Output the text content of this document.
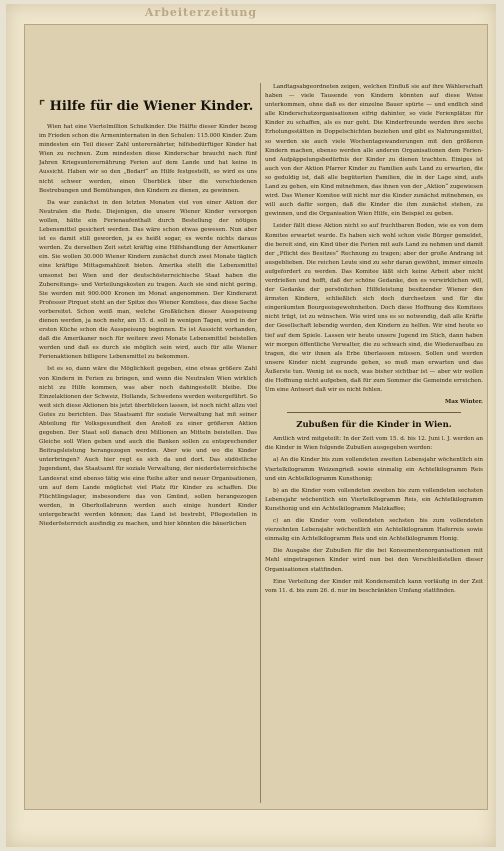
Arbeiterzeitung
⌜ Hilfe für die Wiener Kinder.

Wien hat eine Viertelmillion Schulkinder. Die Hälfte dieser Kinder bezog im Frieden schon die Armeninternaten in den Schulen: 115.000 Kinder. Zum mindesten ein Teil dieser Zahl unterernährter, hilfsbedürftiger Kinder hat Wien zu rechnen. Zum mindesten diese Kinderschar braucht nach fünf Jahren Kriegsunterernährung Ferien auf dem Lande und hat keine in Aussicht. Haben wir so den „Bedarf“ an Hilfe festgestellt, so wird es uns nicht schwer werden, einen Überblick über die verschiedenen Bestrebungen und Bemühungen, den Kindern zu dienen, zu gewinnen.

Da war zunächst in den letzten Monaten viel von einer Aktion der Neutralen die Rede. Diejenigen, die unsere Wiener Kinder versorgen wollen, hätte ein Ferienaufenthalt durch Bestellung der nötigen Lebensmittel gesichert werden. Das wäre schon etwas gewesen. Nun aber ist es damit still geworden, ja es heißt sogar, es werde nichts daraus werden. Zu derselben Zeit setzt kräftig eine Hilfshandlung der Amerikaner ein. Sie wollen 30.000 Wiener Kindern zunächst durch zwei Monate täglich eine kräftige Mittagsmahlzeit bieten. Amerika stellt die Lebensmittel umsonst bei Wien und der deutschösterreichische Staat haben die Zubereitungs- und Verteilungskosten zu tragen. Auch sie sind nicht gering. Sie werden mit 900.000 Kronen im Monat angenommen. Der Kinderarzt Professor Pirquet steht an der Spitze des Wiener Komitees, das diese Sache vorbereitet. Schon weiß man, welche Großküchen dieser Ausspeisung dienen werden, ja noch mehr, am 15. d. soll in wenigen Tagen, wird in der ersten Küche schon die Ausspeisung beginnen. Es ist Aussicht vorhanden, daß die Amerikaner noch für weitere zwei Monate Lebensmittel beistellen werden und daß es durch sie möglich sein wird, auch für alle Wiener Ferienaktionen billigere Lebensmittel zu bekommen.

Ist es so, dann wäre die Möglichkeit gegeben, eine etwas größere Zahl von Kindern in Ferien zu bringen, und wenn die Neutralen Wien wirklich nicht zu Hilfe kommen, was aber noch dahingestellt bleibe. Die Einzelaktionen der Schweiz, Hollands, Schwedens werden weitergeführt. So weit sich diese Aktionen bis jetzt überblicken lassen, ist noch nicht allzu viel Gutes zu berichten. Das Staatsamt für soziale Verwaltung hat mit seiner Abteilung für Volksgesundheit den Anstoß zu einer größeren Aktion gegeben. Der Staat soll danach drei Millionen an Mitteln beistellen. Das Gleiche soll Wien geben und auch die Banken sollen zu entsprechender Beitragsleistung herangezogen werden. Aber wie und wo die Kinder unterbringen? Auch hier regt es sich da und dort. Das südöstliche Jugendamt, das Staatsamt für soziale Verwaltung, der niederösterreichische Landesrat sind ebenso tätig wie eine Reihe alter und neuer Organisationen, um auf dem Lande möglichst viel Platz für Kinder zu schaffen. Die Flüchtlingslager, insbesondere das von Gmünd, sollen herangezogen werden, in Oberhollabrunn werden auch einige hundert Kinder untergebracht werden können; das Land ist bestrebt, Pflegestellen in Niederösterreich ausfindig zu machen, und hier könnten die bäuerlichen

Landtagsabgeordneten zeigen, welchen Einfluß sie auf ihre Wählerschaft haben — viele Tausende von Kindern könnten auf diese Weise unterkommen, ohne daß es der einzelne Bauer spürte — und endlich sind alle Kinderschutzorganisationen eifrig dahinter, so viele Ferienplätze für Kinder zu schaffen, als es nur geht. Die Kinderfreunde werden ihre sechs Erholungsstätten in Doppelschichten beziehen und gibt es Nahrungsmittel, so werden sie auch viele Wochentagswanderungen mit den größeren Kindern machen, ebenso werden alle anderen Organisationen dem Ferien- und Aufpäppelungsbedürfnis der Kinder zu dienen trachten. Einiges ist auch von der Aktion Pfarrer Kinder zu Familien aufs Land zu erwarten, die so geduldig ist, daß alle begüterten Familien, die in der Lage sind, aufs Land zu gehen, ein Kind mitnehmen, das ihnen von der „Aktion“ zugewiesen wird. Das Wiener Komitee will nicht nur die Kinder zunächst mitnehmen, es will auch dafür sorgen, daß die Kinder die ihm zunächst stehen, zu gewinnen, und die Organisation Wien Hilfe, ein Beispiel zu geben.

Leider fällt diese Aktion nicht so auf fruchtbaren Boden, wie es von dem Komitee erwartet wurde. Es haben sich wohl schon viele Bürger gemeldet, die bereit sind, ein Kind über die Ferien mit aufs Land zu nehmen und damit der „Pflicht des Besitzes“ Rechnung zu tragen; aber der große Andrang ist ausgeblieben. Die reichen Leute sind zu sehr daran gewöhnt, immer einzeln aufgefordert zu werden. Das Komitee läßt sich keine Arbeit aber nicht verdrießen und hofft, daß der schöne Gedanke, den es verwirklichen will, der Gedanke der persönlichen Hilfeleistung besitzender Wiener den ärmsten Kindern, schließlich sich doch durchsetzen und für die eingeräumten Bourgeoisgewohnheiten. Doch diese Hoffnung des Komitees nicht trügt, ist zu wünschen. Wie wird uns es so notwendig, daß alle Kräfte der Gesellschaft lebendig werden, den Kindern zu helfen. Wir sind heute so tief auf dem Spiele. Lassen wir heute unsere Jugend im Stich, dann haben wir morgen öffentliche Verwalter, die zu schwach sind, die Wiederaufbau zu tragen, die wir ihnen als Erbe überlassen müssen. Sollen und werden unsere Kinder nicht zugrunde gehen, so muß man erwarten und das Äußerste tun. Wenig ist es noch, was bisher sichtbar ist — aber wir wollen die Hoffnung nicht aufgeben, daß für zum Sommer die Gemeinde erreichen. Um eine Antwort daß wir es nicht fehlen.

Max Winter.

Zubußen für die Kinder in Wien.

Amtlich wird mitgeteilt: In der Zeit vom 15. d. bis 12. Juni l. J. werden an die Kinder in Wien folgende Zubußen ausgegeben werden:

a) An die Kinder bis zum vollendeten zweiten Lebensjahr wöchentlich ein Viertelkilogramm Weizengrieß sowie einmalig ein Achtelkilogramm Reis und ein Achtelkilogramm Kunsthonig;

b) an die Kinder vom vollendeten zweiten bis zum vollendeten sechsten Lebensjahr wöchentlich ein Viertelkilogramm Reis, ein Achtelkilogramm Kunsthonig und ein Achtelkilogramm Malzkaffee;

c) an die Kinder vom vollendeten sechsten bis zum vollendeten vierzehnten Lebensjahr wöchentlich ein Achtelkilogramm Haferreis sowie einmalig ein Achtelkilogramm Reis und ein Achtelkilogramm Honig.

Die Ausgabe der Zubußen für die bei Konsumentenorganisationen mit Mehl eingetragenen Kinder wird nun bei den Verschleißstellen dieser Organisationen stattfinden.

Eine Verteilung der Kinder mit Kondensmilch kann vorläufig in der Zeit vom 11. d. bis zum 26. d. nur im beschränkten Umfang stattfinden.
